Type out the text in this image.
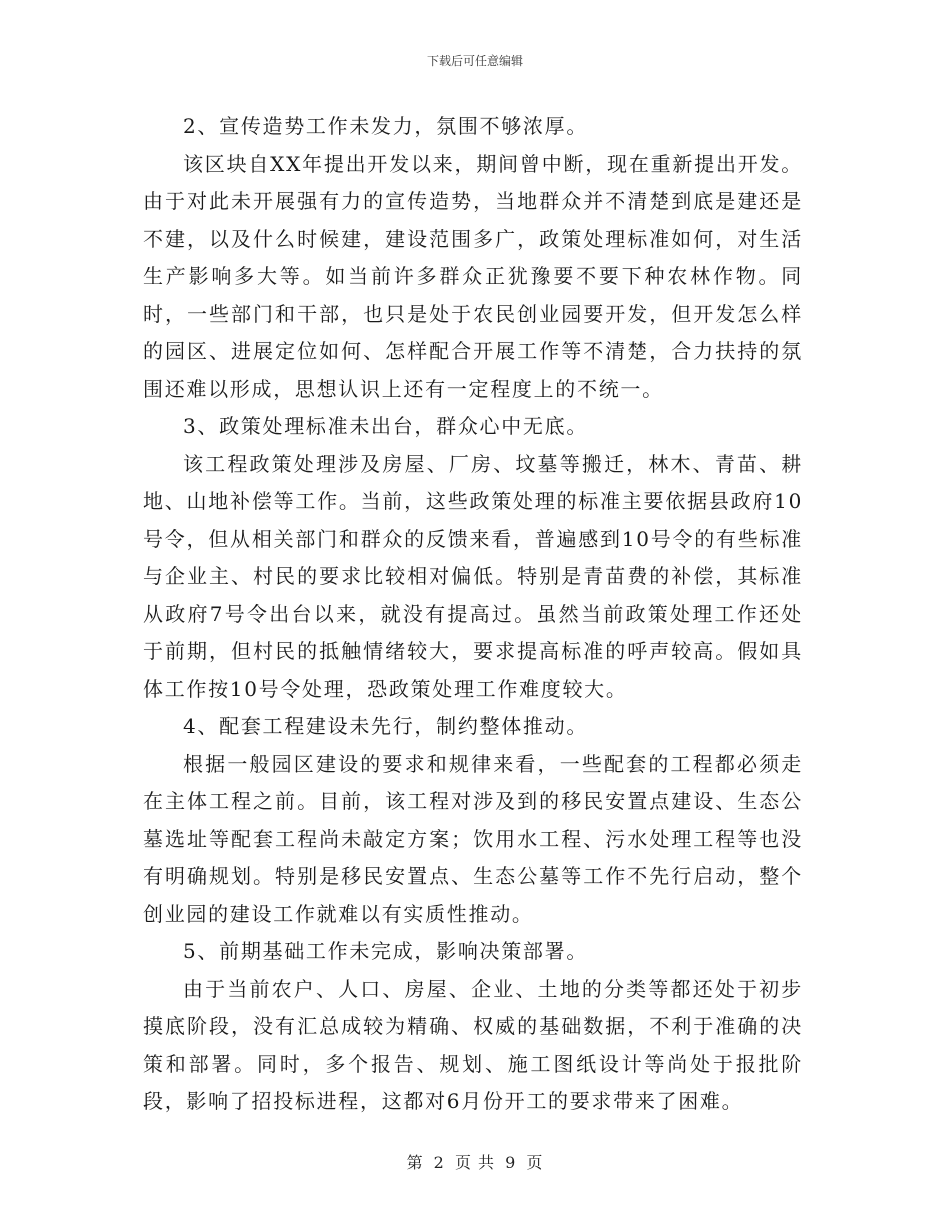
下载后可任意编辑

2、宣传造势工作未发力，氛围不够浓厚。

该区块自XX年提出开发以来，期间曾中断，现在重新提出开发。由于对此未开展强有力的宣传造势，当地群众并不清楚到底是建还是不建，以及什么时候建，建设范围多广，政策处理标准如何，对生活生产影响多大等。如当前许多群众正犹豫要不要下种农林作物。同时，一些部门和干部，也只是处于农民创业园要开发，但开发怎么样的园区、进展定位如何、怎样配合开展工作等不清楚，合力扶持的氛围还难以形成，思想认识上还有一定程度上的不统一。

3、政策处理标准未出台，群众心中无底。

该工程政策处理涉及房屋、厂房、坟墓等搬迁，林木、青苗、耕地、山地补偿等工作。当前，这些政策处理的标准主要依据县政府10号令，但从相关部门和群众的反馈来看，普遍感到10号令的有些标准与企业主、村民的要求比较相对偏低。特别是青苗费的补偿，其标准从政府7号令出台以来，就没有提高过。虽然当前政策处理工作还处于前期，但村民的抵触情绪较大，要求提高标准的呼声较高。假如具体工作按10号令处理，恐政策处理工作难度较大。

4、配套工程建设未先行，制约整体推动。

根据一般园区建设的要求和规律来看，一些配套的工程都必须走在主体工程之前。目前，该工程对涉及到的移民安置点建设、生态公墓选址等配套工程尚未敲定方案；饮用水工程、污水处理工程等也没有明确规划。特别是移民安置点、生态公墓等工作不先行启动，整个创业园的建设工作就难以有实质性推动。

5、前期基础工作未完成，影响决策部署。

由于当前农户、人口、房屋、企业、土地的分类等都还处于初步摸底阶段，没有汇总成较为精确、权威的基础数据，不利于准确的决策和部署。同时，多个报告、规划、施工图纸设计等尚处于报批阶段，影响了招投标进程，这都对6月份开工的要求带来了困难。

第 2 页 共 9 页
